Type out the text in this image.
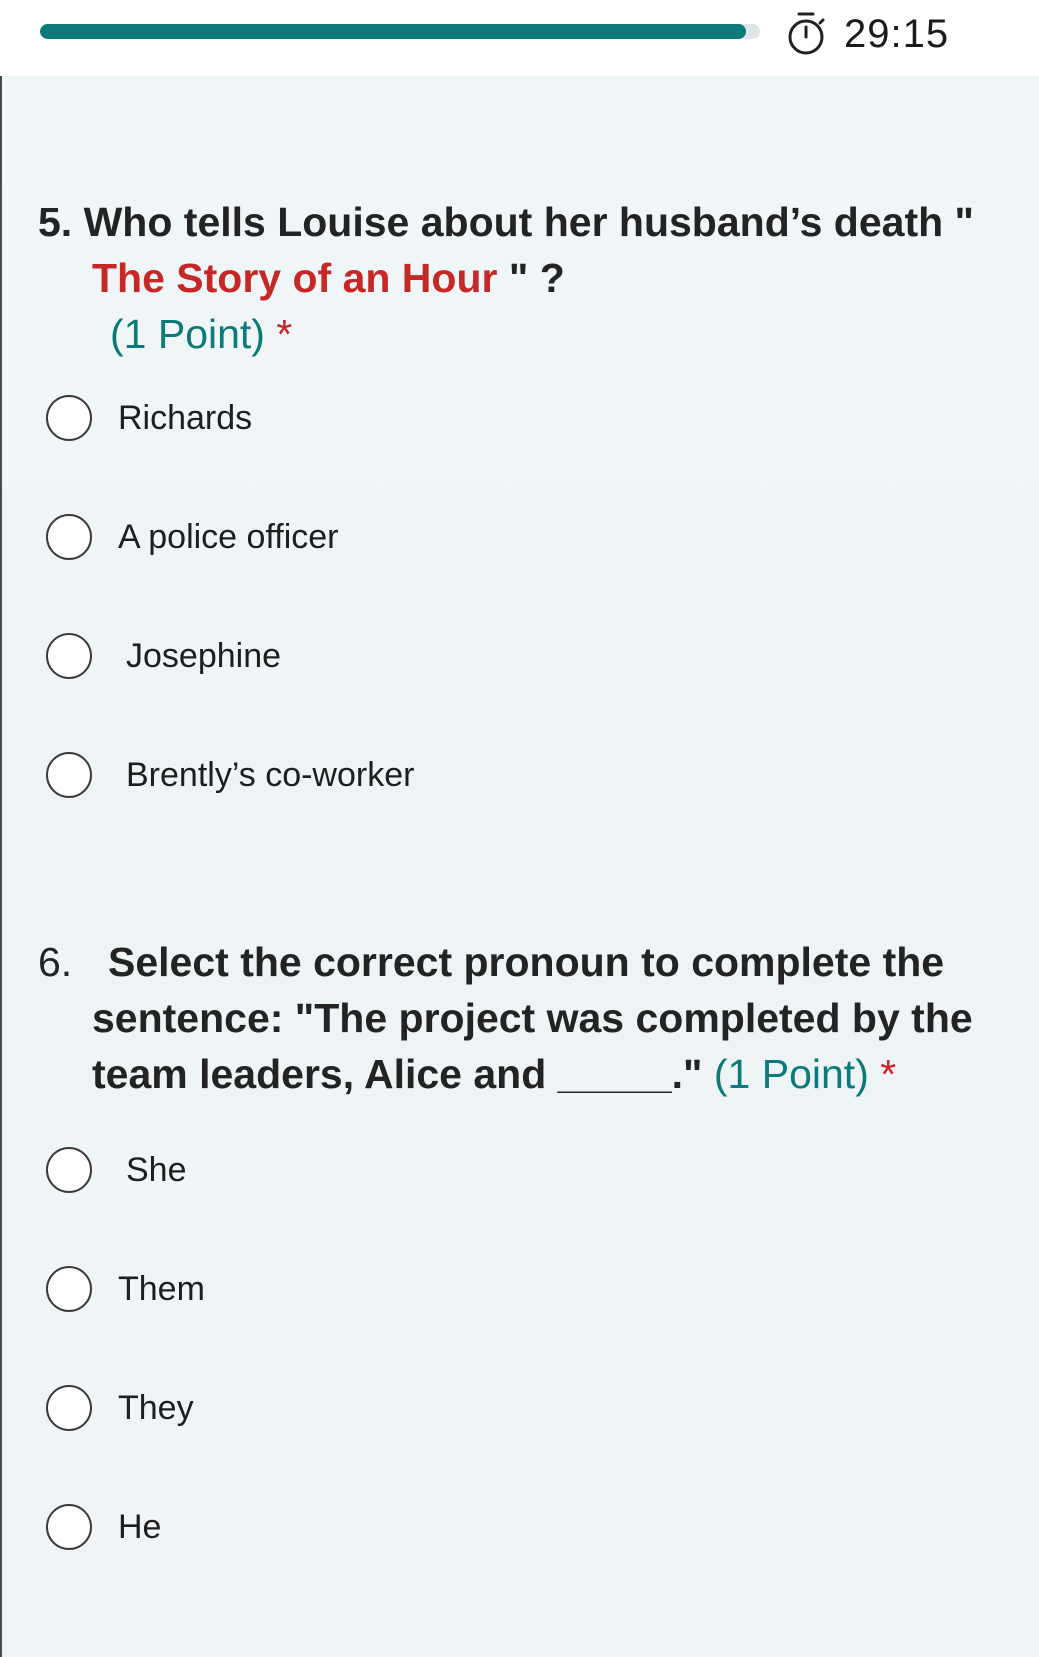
29:15
5. Who tells Louise about her husband’s death "
The Story of an Hour " ?
(1 Point) *
Richards
A police officer
Josephine
Brently’s co-worker
6. Select the correct pronoun to complete the
sentence: "The project was completed by the
team leaders, Alice and _____." (1 Point) *
She
Them
They
He
